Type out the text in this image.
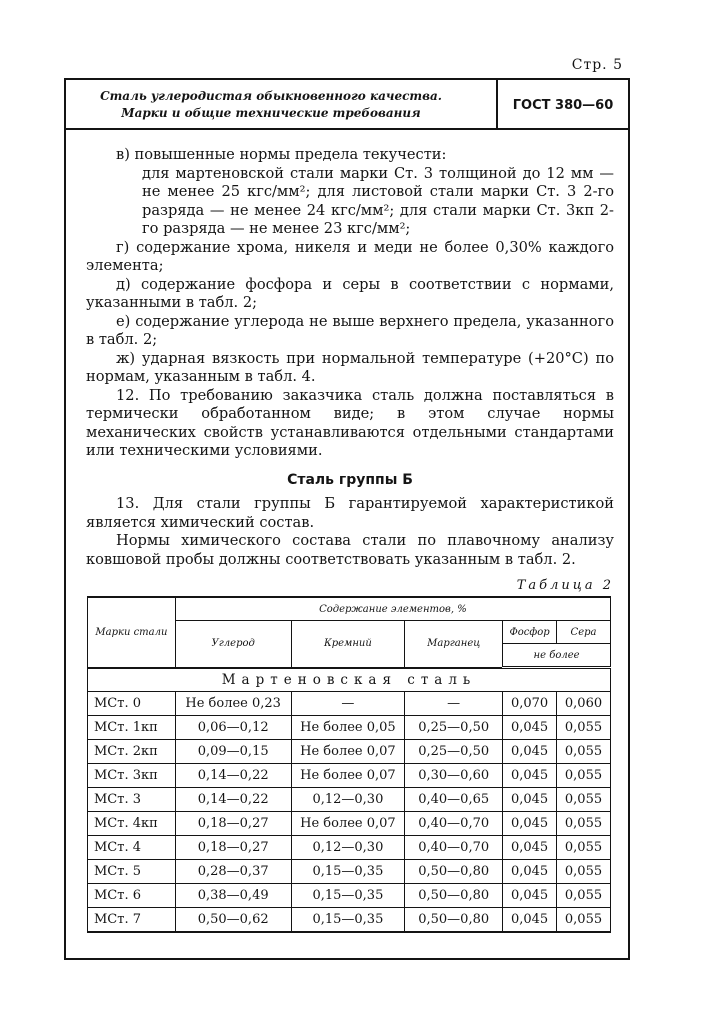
Стр. 5
Сталь углеродистая обыкновенного качества.
Марки и общие технические требования
ГОСТ 380—60

в) повышенные нормы предела текучести:

для мартеновской стали марки Ст. 3 толщиной до 12 мм — не менее 25 кгс/мм²; для листовой стали марки Ст. 3 2-го разряда — не менее 24 кгс/мм²; для стали марки Ст. 3кп 2-го разряда — не менее 23 кгс/мм²;

г) содержание хрома, никеля и меди не более 0,30% каждого элемента;

д) содержание фосфора и серы в соответствии с нормами, указанными в табл. 2;

е) содержание углерода не выше верхнего предела, указанного в табл. 2;

ж) ударная вязкость при нормальной температуре (+20°С) по нормам, указанным в табл. 4.

12. По требованию заказчика сталь должна поставляться в термически обработанном виде; в этом случае нормы механических свойств устанавливаются отдельными стандартами или техническими условиями.

Сталь группы Б

13. Для стали группы Б гарантируемой характеристикой является химический состав.

Нормы химического состава стали по плавочному анализу ковшовой пробы должны соответствовать указанным в табл. 2.

Таблица 2

Марки стали	Содержание элементов, %				
	Углерод	Кремний	Марганец	Фосфор	Сера
				не более	
Мартеновская сталь					
МСт. 0	Не более 0,23	—	—	0,070	0,060
МСт. 1кп	0,06—0,12	Не более 0,05	0,25—0,50	0,045	0,055
МСт. 2кп	0,09—0,15	Не более 0,07	0,25—0,50	0,045	0,055
МСт. 3кп	0,14—0,22	Не более 0,07	0,30—0,60	0,045	0,055
МСт. 3	0,14—0,22	0,12—0,30	0,40—0,65	0,045	0,055
МСт. 4кп	0,18—0,27	Не более 0,07	0,40—0,70	0,045	0,055
МСт. 4	0,18—0,27	0,12—0,30	0,40—0,70	0,045	0,055
МСт. 5	0,28—0,37	0,15—0,35	0,50—0,80	0,045	0,055
МСт. 6	0,38—0,49	0,15—0,35	0,50—0,80	0,045	0,055
МСт. 7	0,50—0,62	0,15—0,35	0,50—0,80	0,045	0,055
